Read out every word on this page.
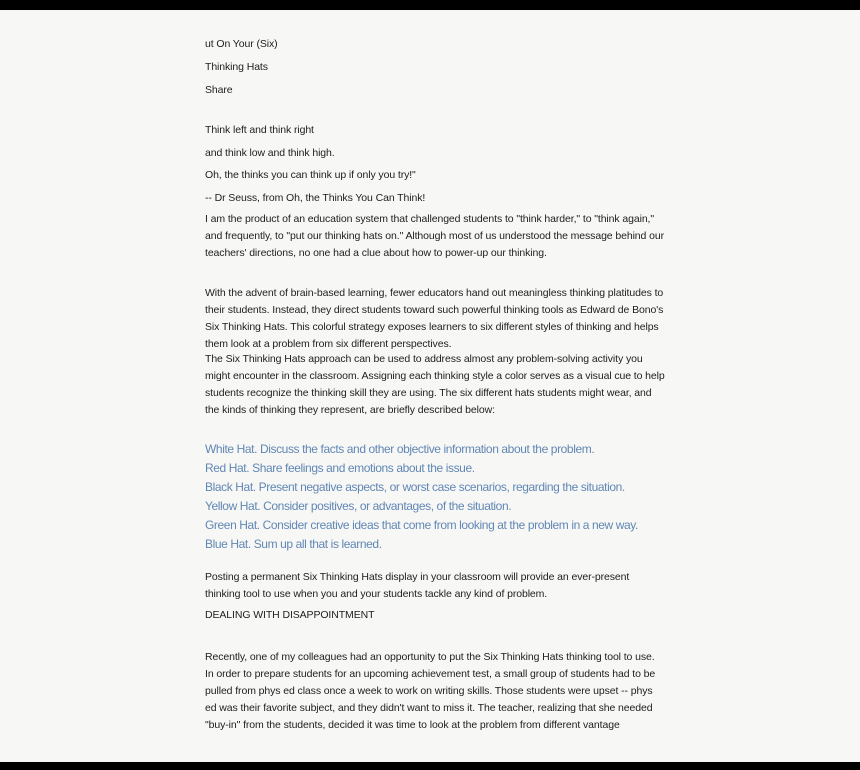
ut On Your (Six)

Thinking Hats

Share

Think left and think right

and think low and think high.

Oh, the thinks you can think up if only you try!"

-- Dr Seuss, from Oh, the Thinks You Can Think!

I am the product of an education system that challenged students to "think harder," to "think again," and frequently, to "put our thinking hats on." Although most of us understood the message behind our teachers' directions, no one had a clue about how to power-up our thinking.

With the advent of brain-based learning, fewer educators hand out meaningless thinking platitudes to their students. Instead, they direct students toward such powerful thinking tools as Edward de Bono's Six Thinking Hats. This colorful strategy exposes learners to six different styles of thinking and helps them look at a problem from six different perspectives.

The Six Thinking Hats approach can be used to address almost any problem-solving activity you might encounter in the classroom. Assigning each thinking style a color serves as a visual cue to help students recognize the thinking skill they are using. The six different hats students might wear, and the kinds of thinking they represent, are briefly described below:

White Hat. Discuss the facts and other objective information about the problem.

Red Hat. Share feelings and emotions about the issue.

Black Hat. Present negative aspects, or worst case scenarios, regarding the situation.

Yellow Hat. Consider positives, or advantages, of the situation.

Green Hat. Consider creative ideas that come from looking at the problem in a new way.

Blue Hat. Sum up all that is learned.

Posting a permanent Six Thinking Hats display in your classroom will provide an ever-present thinking tool to use when you and your students tackle any kind of problem.

DEALING WITH DISAPPOINTMENT

Recently, one of my colleagues had an opportunity to put the Six Thinking Hats thinking tool to use. In order to prepare students for an upcoming achievement test, a small group of students had to be pulled from phys ed class once a week to work on writing skills. Those students were upset -- phys ed was their favorite subject, and they didn't want to miss it. The teacher, realizing that she needed "buy-in" from the students, decided it was time to look at the problem from different vantage
